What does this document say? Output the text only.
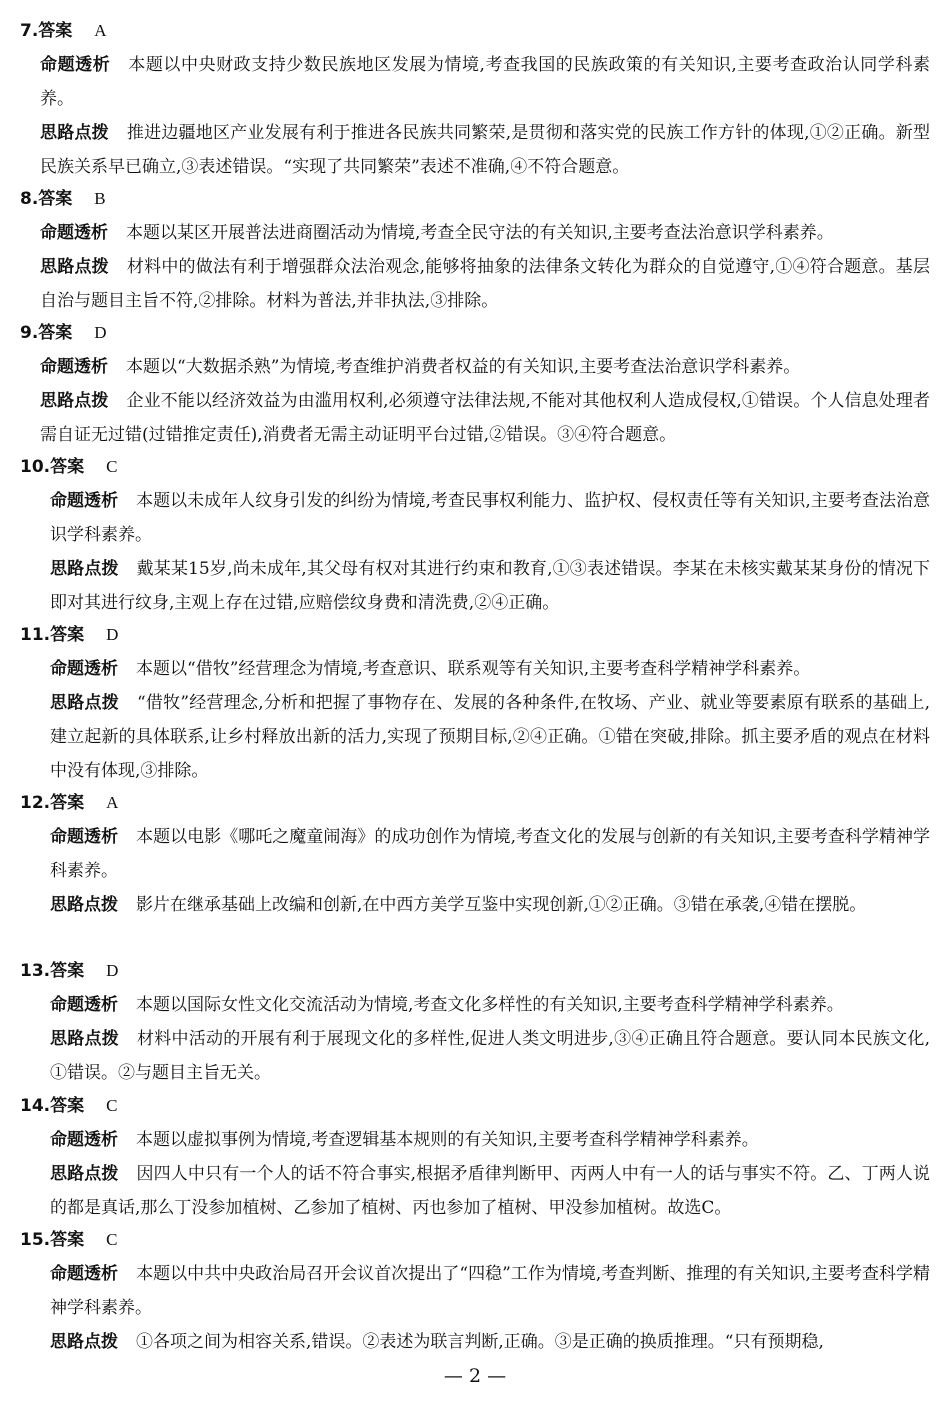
7.答案 A
命题透析 本题以中央财政支持少数民族地区发展为情境,考查我国的民族政策的有关知识,主要考查政治认同学科素养。
思路点拨 推进边疆地区产业发展有利于推进各民族共同繁荣,是贯彻和落实党的民族工作方针的体现,①②正确。新型民族关系早已确立,③表述错误。“实现了共同繁荣”表述不准确,④不符合题意。
8.答案 B
命题透析 本题以某区开展普法进商圈活动为情境,考查全民守法的有关知识,主要考查法治意识学科素养。
思路点拨 材料中的做法有利于增强群众法治观念,能够将抽象的法律条文转化为群众的自觉遵守,①④符合题意。基层自治与题目主旨不符,②排除。材料为普法,并非执法,③排除。
9.答案 D
命题透析 本题以“大数据杀熟”为情境,考查维护消费者权益的有关知识,主要考查法治意识学科素养。
思路点拨 企业不能以经济效益为由滥用权利,必须遵守法律法规,不能对其他权利人造成侵权,①错误。个人信息处理者需自证无过错(过错推定责任),消费者无需主动证明平台过错,②错误。③④符合题意。
10.答案 C
命题透析 本题以未成年人纹身引发的纠纷为情境,考查民事权利能力、监护权、侵权责任等有关知识,主要考查法治意识学科素养。
思路点拨 戴某某15岁,尚未成年,其父母有权对其进行约束和教育,①③表述错误。李某在未核实戴某某身份的情况下即对其进行纹身,主观上存在过错,应赔偿纹身费和清洗费,②④正确。
11.答案 D
命题透析 本题以“借牧”经营理念为情境,考查意识、联系观等有关知识,主要考查科学精神学科素养。
思路点拨 “借牧”经营理念,分析和把握了事物存在、发展的各种条件,在牧场、产业、就业等要素原有联系的基础上,建立起新的具体联系,让乡村释放出新的活力,实现了预期目标,②④正确。①错在突破,排除。抓主要矛盾的观点在材料中没有体现,③排除。
12.答案 A
命题透析 本题以电影《哪吒之魔童闹海》的成功创作为情境,考查文化的发展与创新的有关知识,主要考查科学精神学科素养。
思路点拨 影片在继承基础上改编和创新,在中西方美学互鉴中实现创新,①②正确。③错在承袭,④错在摆脱。
13.答案 D
命题透析 本题以国际女性文化交流活动为情境,考查文化多样性的有关知识,主要考查科学精神学科素养。
思路点拨 材料中活动的开展有利于展现文化的多样性,促进人类文明进步,③④正确且符合题意。要认同本民族文化,①错误。②与题目主旨无关。
14.答案 C
命题透析 本题以虚拟事例为情境,考查逻辑基本规则的有关知识,主要考查科学精神学科素养。
思路点拨 因四人中只有一个人的话不符合事实,根据矛盾律判断甲、丙两人中有一人的话与事实不符。乙、丁两人说的都是真话,那么丁没参加植树、乙参加了植树、丙也参加了植树、甲没参加植树。故选C。
15.答案 C
命题透析 本题以中共中央政治局召开会议首次提出了“四稳”工作为情境,考查判断、推理的有关知识,主要考查科学精神学科素养。
思路点拨 ①各项之间为相容关系,错误。②表述为联言判断,正确。③是正确的换质推理。“只有预期稳,
— 2 —
